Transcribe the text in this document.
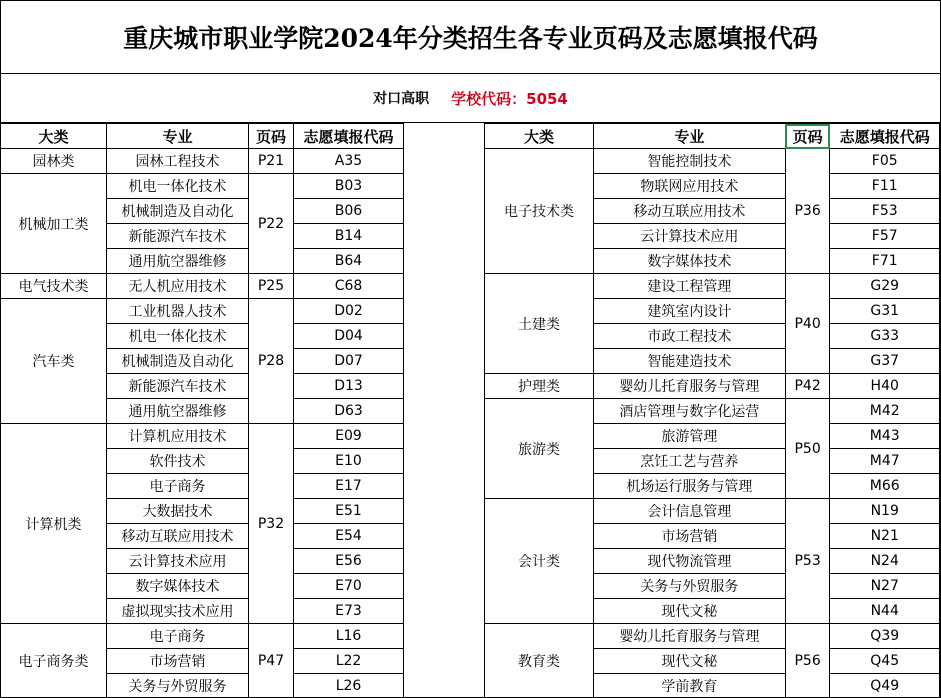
重庆城市职业学院2024年分类招生各专业页码及志愿填报代码
对口高职 学校代码：5054
大类	专业	页码	志愿填报代码
园林类	园林工程技术	P21	A35
机械加工类	机电一体化技术	P22	B03
	机械制造及自动化		B06
	新能源汽车技术		B14
	通用航空器维修		B64
电气技术类	无人机应用技术	P25	C68
汽车类	工业机器人技术	P28	D02
	机电一体化技术		D04
	机械制造及自动化		D07
	新能源汽车技术		D13
	通用航空器维修		D63
计算机类	计算机应用技术	P32	E09
	软件技术		E10
	电子商务		E17
	大数据技术		E51
	移动互联应用技术		E54
	云计算技术应用		E56
	数字媒体技术		E70
	虚拟现实技术应用		E73
电子商务类	电子商务	P47	L16
	市场营销		L22
	关务与外贸服务		L26
大类	专业	页码	志愿填报代码
电子技术类	智能控制技术	P36	F05
	物联网应用技术		F11
	移动互联应用技术		F53
	云计算技术应用		F57
	数字媒体技术		F71
土建类	建设工程管理	P40	G29
	建筑室内设计		G31
	市政工程技术		G33
	智能建造技术		G37
护理类	婴幼儿托育服务与管理	P42	H40
旅游类	酒店管理与数字化运营	P50	M42
	旅游管理		M43
	烹饪工艺与营养		M47
	机场运行服务与管理		M66
会计类	会计信息管理	P53	N19
	市场营销		N21
	现代物流管理		N24
	关务与外贸服务		N27
	现代文秘		N44
教育类	婴幼儿托育服务与管理	P56	Q39
	现代文秘		Q45
	学前教育		Q49
